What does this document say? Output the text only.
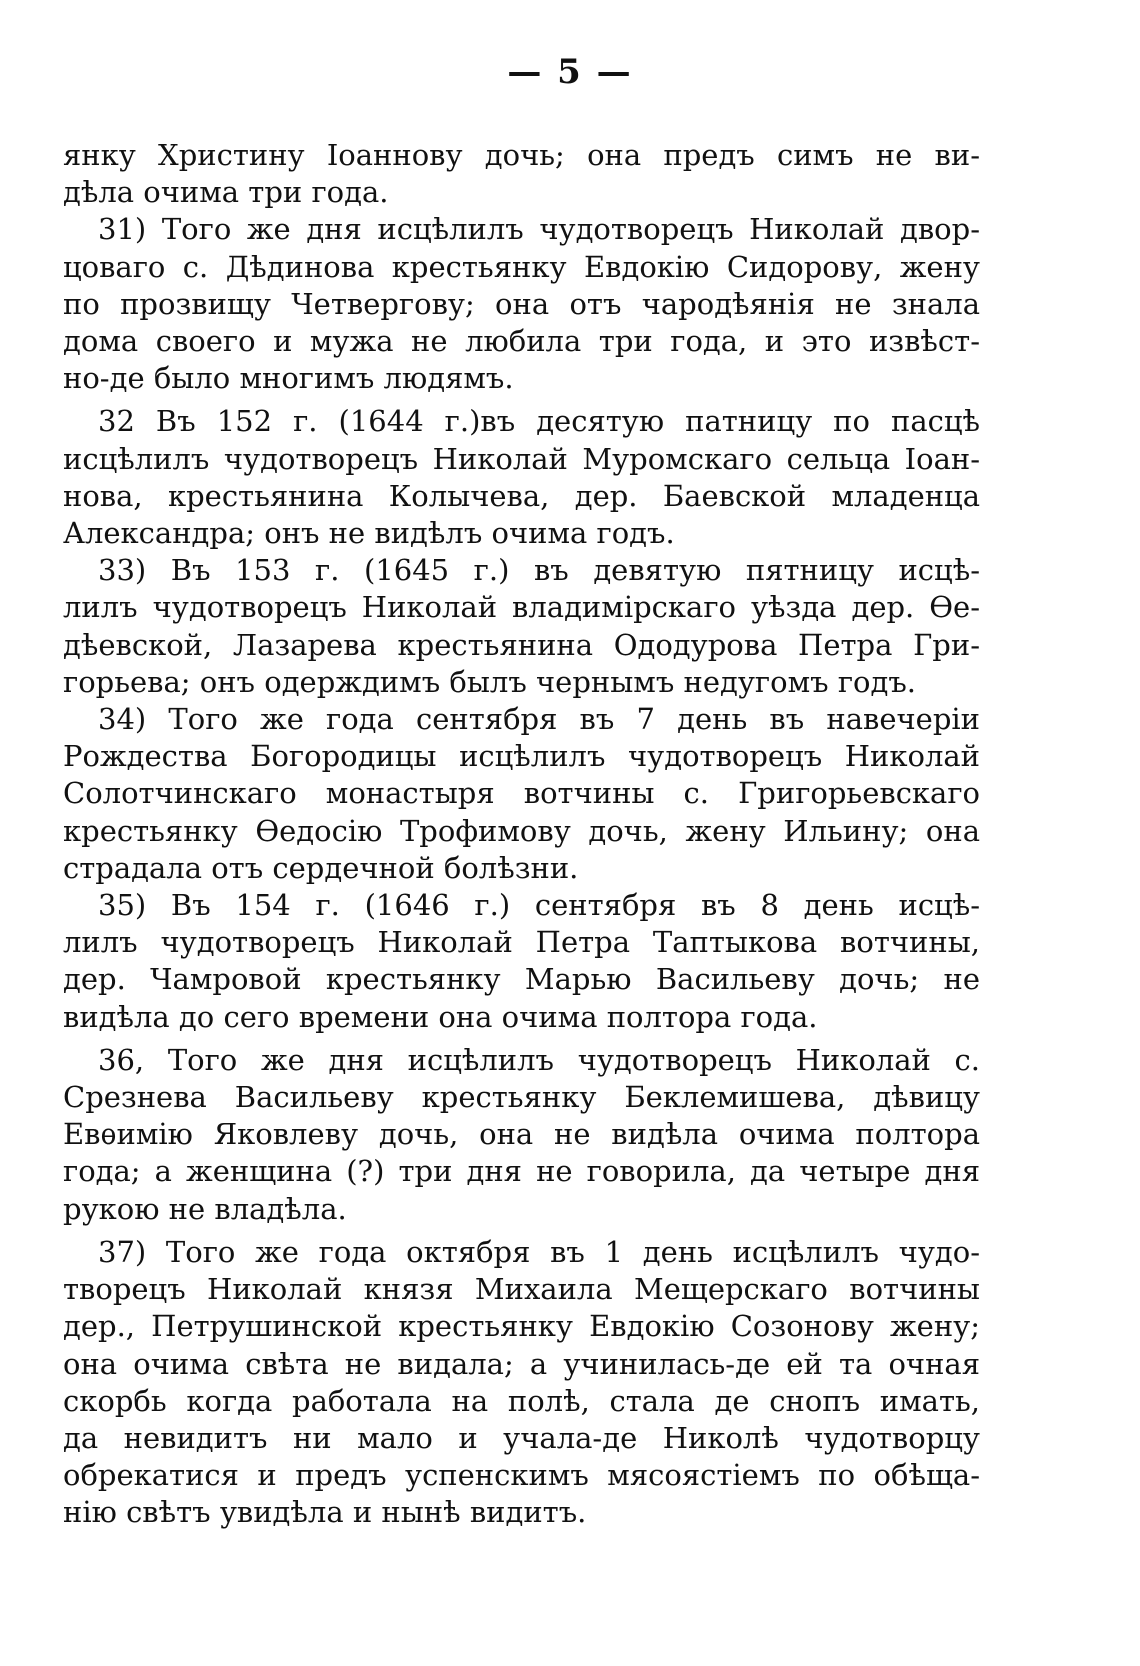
— 5 —
янку Христину Іоаннову дочь; она предъ симъ не ви-
дѣла очима три года.
31) Того же дня исцѣлилъ чудотворецъ Николай двор-
цоваго с. Дѣдинова крестьянку Евдокію Сидорову, жену
по прозвищу Четвергову; она отъ чародѣянія не знала
дома своего и мужа не любила три года, и это извѣст-
но-де было многимъ людямъ.
32 Въ 152 г. (1644 г.)въ десятую патницу по пасцѣ
исцѣлилъ чудотворецъ Николай Муромскаго сельца Іоан-
нова, крестьянина Колычева, дер. Баевской младенца
Александра; онъ не видѣлъ очима годъ.
33) Въ 153 г. (1645 г.) въ девятую пятницу исцѣ-
лилъ чудотворецъ Николай владимірскаго уѣзда дер. Ѳе-
дѣевской, Лазарева крестьянина Ододурова Петра Гри-
горьева; онъ одерждимъ былъ чернымъ недугомъ годъ.
34) Того же года сентября въ 7 день въ навечеріи
Рождества Богородицы исцѣлилъ чудотворецъ Николай
Солотчинскаго монастыря вотчины с. Григорьевскаго
крестьянку Ѳедосію Трофимову дочь, жену Ильину; она
страдала отъ сердечной болѣзни.
35) Въ 154 г. (1646 г.) сентября въ 8 день исцѣ-
лилъ чудотворецъ Николай Петра Таптыкова вотчины,
дер. Чамровой крестьянку Марью Васильеву дочь; не
видѣла до сего времени она очима полтора года.
36, Того же дня исцѣлилъ чудотворецъ Николай с.
Срезнева Васильеву крестьянку Беклемишева, дѣвицу
Евѳимію Яковлеву дочь, она не видѣла очима полтора
года; а женщина (?) три дня не говорила, да четыре дня
рукою не владѣла.
37) Того же года октября въ 1 день исцѣлилъ чудо-
творецъ Николай князя Михаила Мещерскаго вотчины
дер., Петрушинской крестьянку Евдокію Созонову жену;
она очима свѣта не видала; а учинилась-де ей та очная
скорбь когда работала на полѣ, стала де снопъ имать,
да невидитъ ни мало и учала-де Николѣ чудотворцу
обрекатися и предъ успенскимъ мясоястіемъ по обѣща-
нію свѣтъ увидѣла и нынѣ видитъ.
